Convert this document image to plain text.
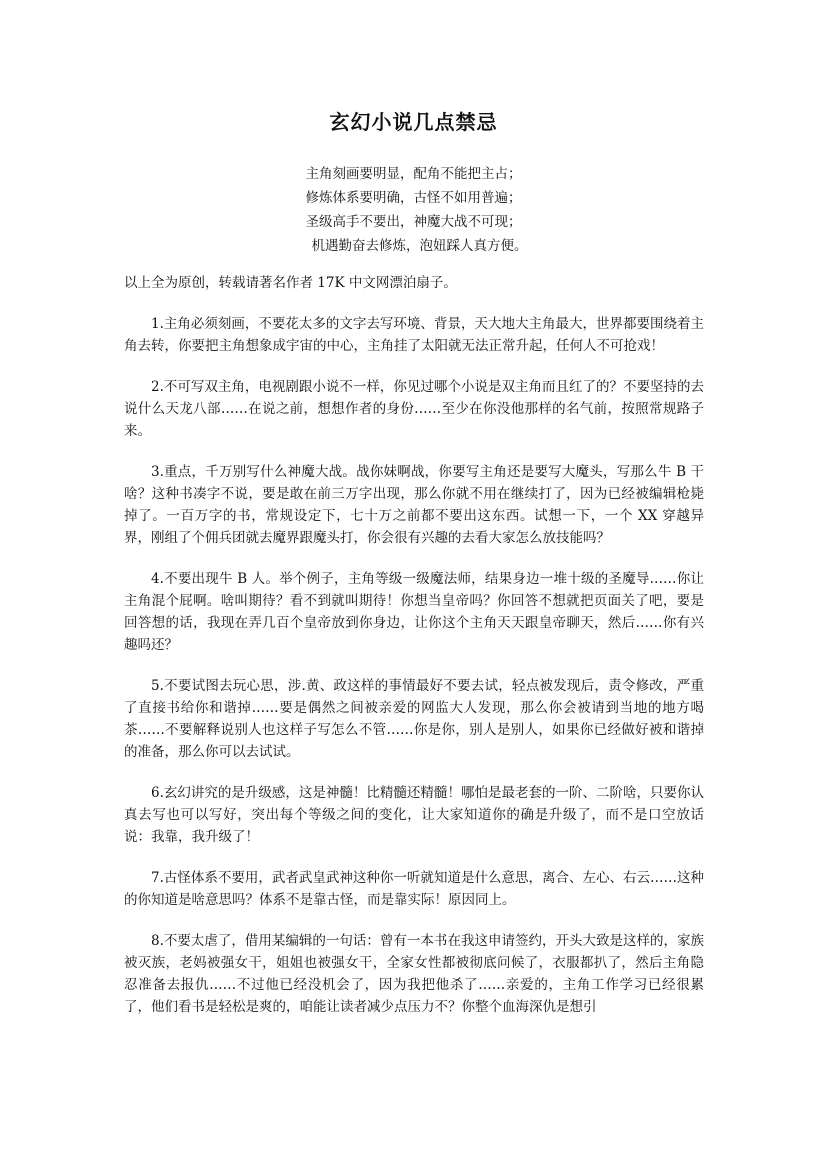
玄幻小说几点禁忌
主角刻画要明显，配角不能把主占；
修炼体系要明确，古怪不如用普遍；
圣级高手不要出，神魔大战不可现；
机遇勤奋去修炼，泡妞踩人真方便。

以上全为原创，转载请著名作者 17K 中文网漂泊扇子。

1.主角必须刻画，不要花太多的文字去写环境、背景，天大地大主角最大，世界都要围绕着主角去转，你要把主角想象成宇宙的中心，主角挂了太阳就无法正常升起，任何人不可抢戏！

2.不可写双主角，电视剧跟小说不一样，你见过哪个小说是双主角而且红了的？不要坚持的去说什么天龙八部……在说之前，想想作者的身份……至少在你没他那样的名气前，按照常规路子来。

3.重点，千万别写什么神魔大战。战你妹啊战，你要写主角还是要写大魔头，写那么牛 B 干啥？这种书凑字不说，要是敢在前三万字出现，那么你就不用在继续打了，因为已经被编辑枪毙掉了。一百万字的书，常规设定下，七十万之前都不要出这东西。试想一下，一个 XX 穿越异界，刚组了个佣兵团就去魔界跟魔头打，你会很有兴趣的去看大家怎么放技能吗？

4.不要出现牛 B 人。举个例子，主角等级一级魔法师，结果身边一堆十级的圣魔导……你让主角混个屁啊。啥叫期待？看不到就叫期待！你想当皇帝吗？你回答不想就把页面关了吧，要是回答想的话，我现在弄几百个皇帝放到你身边，让你这个主角天天跟皇帝聊天，然后……你有兴趣吗还？

5.不要试图去玩心思，涉.黄、政这样的事情最好不要去试，轻点被发现后，责令修改，严重了直接书给你和谐掉……要是偶然之间被亲爱的网监大人发现，那么你会被请到当地的地方喝茶……不要解释说别人也这样子写怎么不管……你是你，别人是别人，如果你已经做好被和谐掉的准备，那么你可以去试试。

6.玄幻讲究的是升级感，这是神髓！比精髓还精髓！哪怕是最老套的一阶、二阶啥，只要你认真去写也可以写好，突出每个等级之间的变化，让大家知道你的确是升级了，而不是口空放话说：我靠，我升级了！

7.古怪体系不要用，武者武皇武神这种你一听就知道是什么意思，离合、左心、右云……这种的你知道是啥意思吗？体系不是靠古怪，而是靠实际！原因同上。

8.不要太虐了，借用某编辑的一句话：曾有一本书在我这申请签约，开头大致是这样的，家族被灭族，老妈被强女干，姐姐也被强女干，全家女性都被彻底问候了，衣服都扒了，然后主角隐忍准备去报仇……不过他已经没机会了，因为我把他杀了……亲爱的，主角工作学习已经很累了，他们看书是轻松是爽的，咱能让读者减少点压力不？你整个血海深仇是想引
